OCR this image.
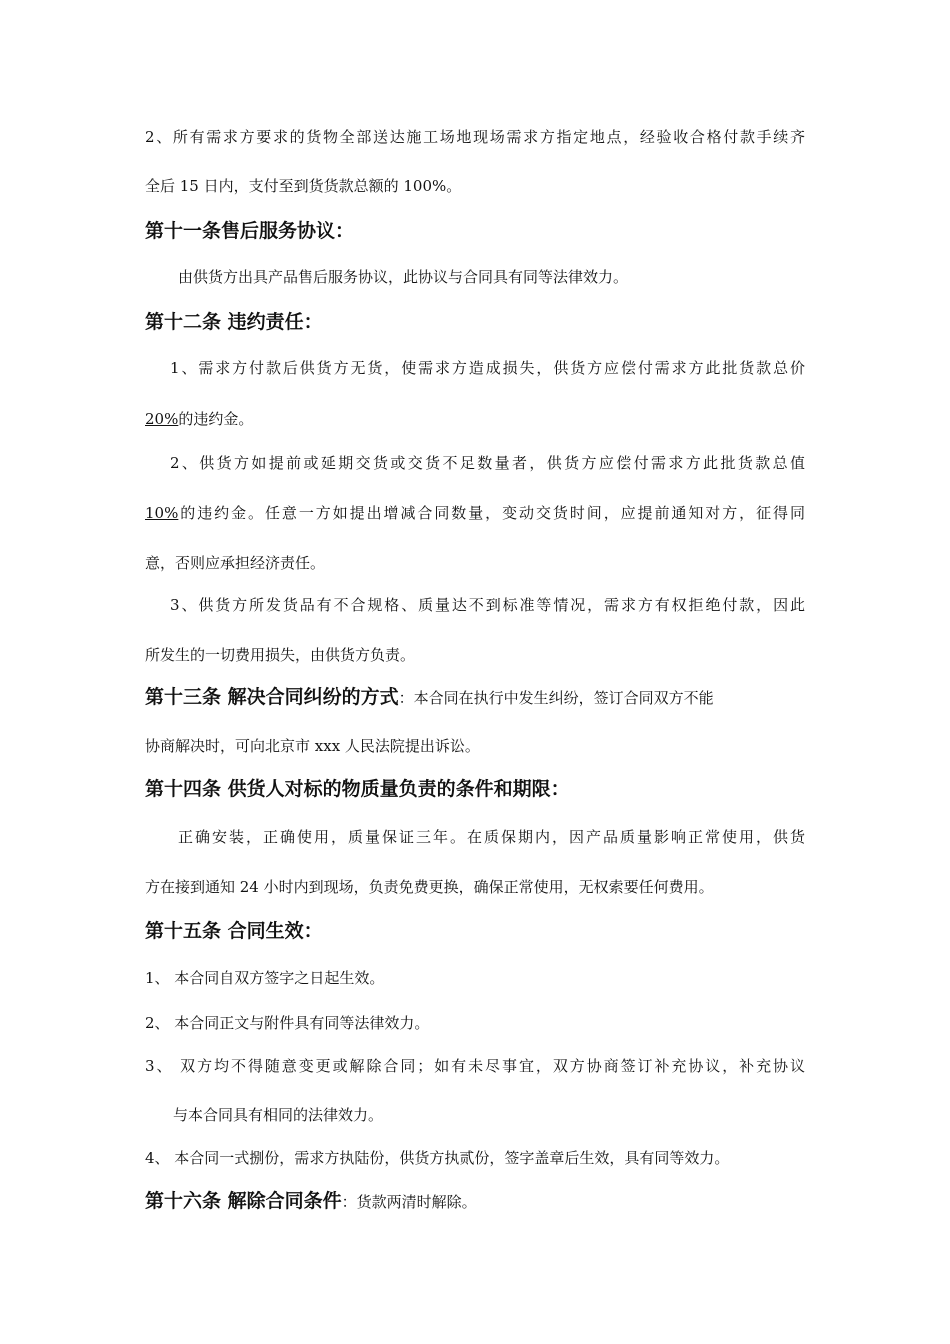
2、所有需求方要求的货物全部送达施工场地现场需求方指定地点，经验收合格付款手续齐
全后 15 日内，支付至到货货款总额的 100%。
第十一条售后服务协议：
由供货方出具产品售后服务协议，此协议与合同具有同等法律效力。
第十二条 违约责任：
1、需求方付款后供货方无货，使需求方造成损失，供货方应偿付需求方此批货款总价
20%的违约金。
2、供货方如提前或延期交货或交货不足数量者，供货方应偿付需求方此批货款总值
10%的违约金。任意一方如提出增减合同数量，变动交货时间，应提前通知对方，征得同
意，否则应承担经济责任。
3、供货方所发货品有不合规格、质量达不到标准等情况，需求方有权拒绝付款，因此
所发生的一切费用损失，由供货方负责。
第十三条 解决合同纠纷的方式：本合同在执行中发生纠纷，签订合同双方不能
协商解决时，可向北京市 xxx 人民法院提出诉讼。
第十四条 供货人对标的物质量负责的条件和期限：
正确安装，正确使用，质量保证三年。在质保期内，因产品质量影响正常使用，供货
方在接到通知 24 小时内到现场，负责免费更换，确保正常使用，无权索要任何费用。
第十五条 合同生效：
1、 本合同自双方签字之日起生效。
2、 本合同正文与附件具有同等法律效力。
3、 双方均不得随意变更或解除合同；如有未尽事宜，双方协商签订补充协议，补充协议
与本合同具有相同的法律效力。
4、 本合同一式捌份，需求方执陆份，供货方执贰份，签字盖章后生效，具有同等效力。
第十六条 解除合同条件：货款两清时解除。
